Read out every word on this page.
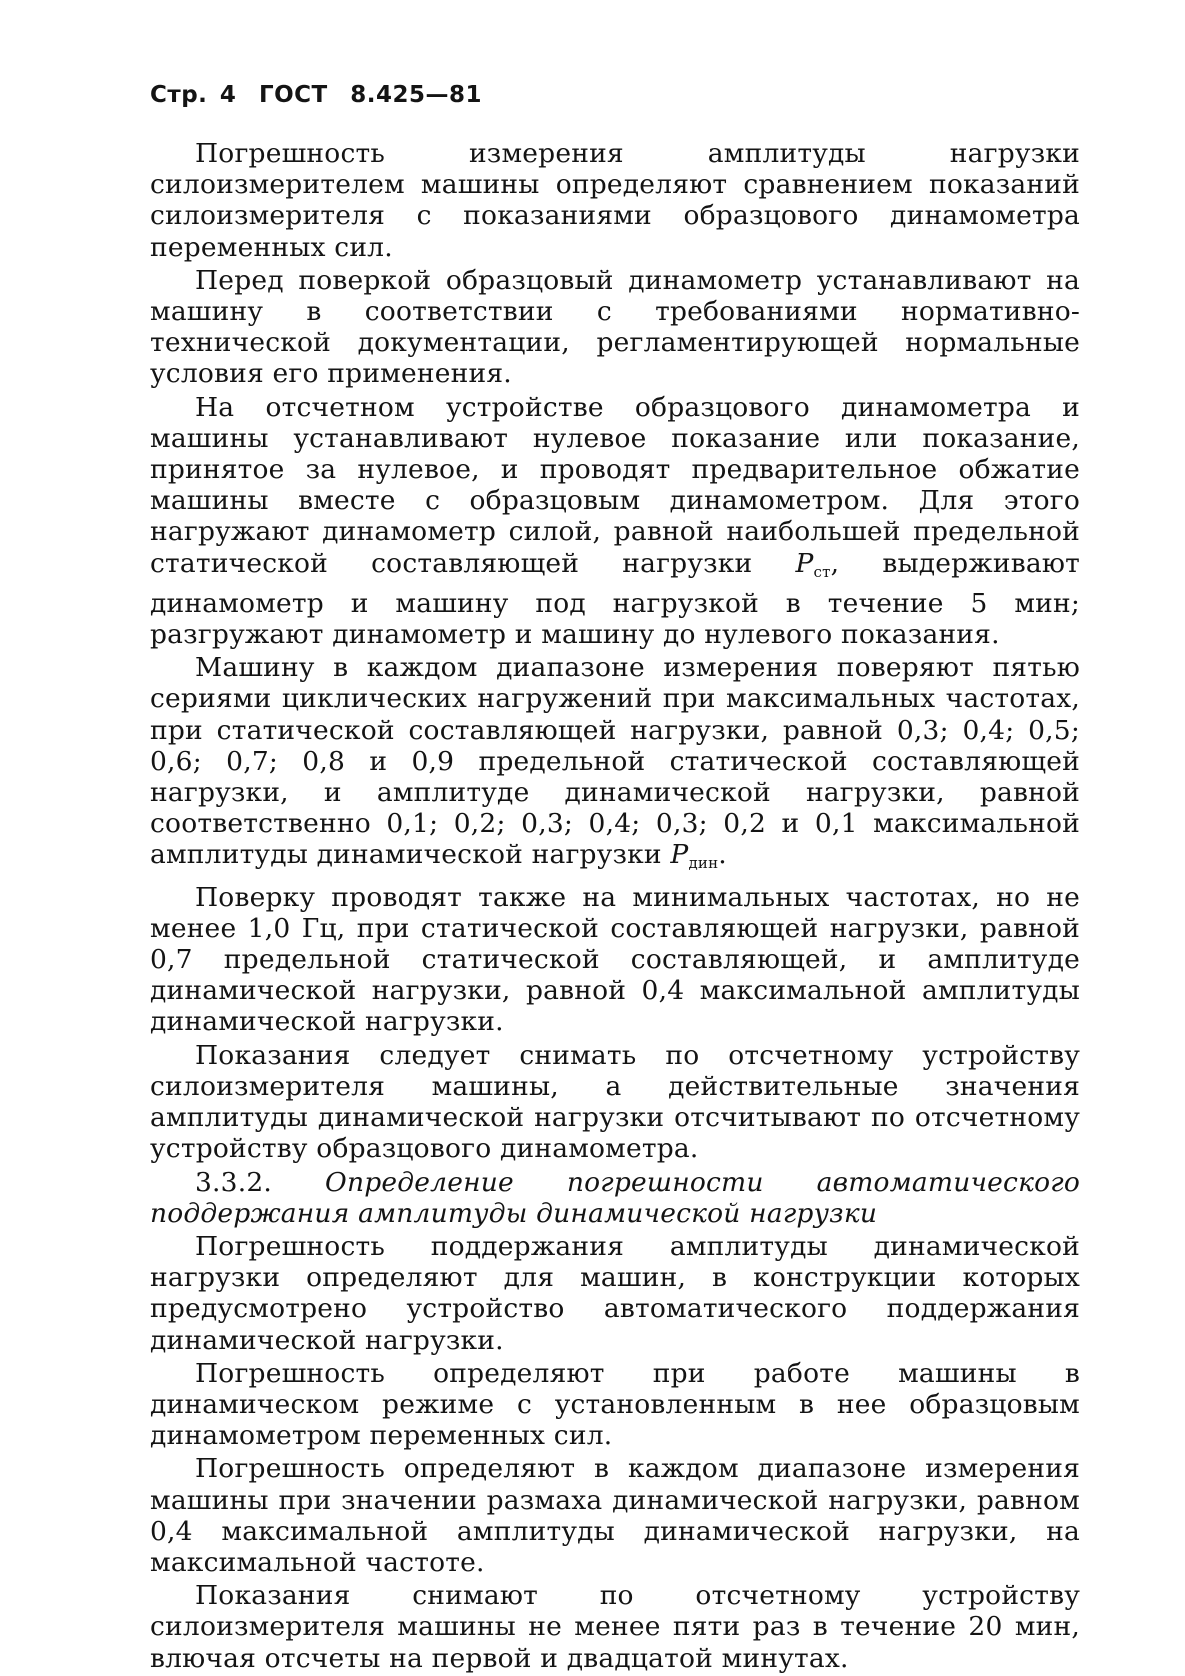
Стр. 4 ГОСТ 8.425—81

Погрешность измерения амплитуды нагрузки силоизмерителем машины определяют сравнением показаний силоизмерителя с показаниями образцового динамометра переменных сил.

Перед поверкой образцовый динамометр устанавливают на машину в соответствии с требованиями нормативно-технической документации, регламентирующей нормальные условия его применения.

На отсчетном устройстве образцового динамометра и машины устанавливают нулевое показание или показание, принятое за нулевое, и проводят предварительное обжатие машины вместе с образцовым динамометром. Для этого нагружают динамометр силой, равной наибольшей предельной статической составляющей нагрузки $P_{ст}$, выдерживают динамометр и машину под нагрузкой в течение 5 мин; разгружают динамометр и машину до нулевого показания.

Машину в каждом диапазоне измерения поверяют пятью сериями циклических нагружений при максимальных частотах, при статической составляющей нагрузки, равной 0,3; 0,4; 0,5; 0,6; 0,7; 0,8 и 0,9 предельной статической составляющей нагрузки, и амплитуде динамической нагрузки, равной соответственно 0,1; 0,2; 0,3; 0,4; 0,3; 0,2 и 0,1 максимальной амплитуды динамической нагрузки $P_{дин}$.

Поверку проводят также на минимальных частотах, но не менее 1,0 Гц, при статической составляющей нагрузки, равной 0,7 предельной статической составляющей, и амплитуде динамической нагрузки, равной 0,4 максимальной амплитуды динамической нагрузки.

Показания следует снимать по отсчетному устройству силоизмерителя машины, а действительные значения амплитуды динамической нагрузки отсчитывают по отсчетному устройству образцового динамометра.

3.3.2. Определение погрешности автоматического поддержания амплитуды динамической нагрузки

Погрешность поддержания амплитуды динамической нагрузки определяют для машин, в конструкции которых предусмотрено устройство автоматического поддержания динамической нагрузки.

Погрешность определяют при работе машины в динамическом режиме с установленным в нее образцовым динамометром переменных сил.

Погрешность определяют в каждом диапазоне измерения машины при значении размаха динамической нагрузки, равном 0,4 максимальной амплитуды динамической нагрузки, на максимальной частоте.

Показания снимают по отсчетному устройству силоизмерителя машины не менее пяти раз в течение 20 мин, влючая отсчеты на первой и двадцатой минутах.
